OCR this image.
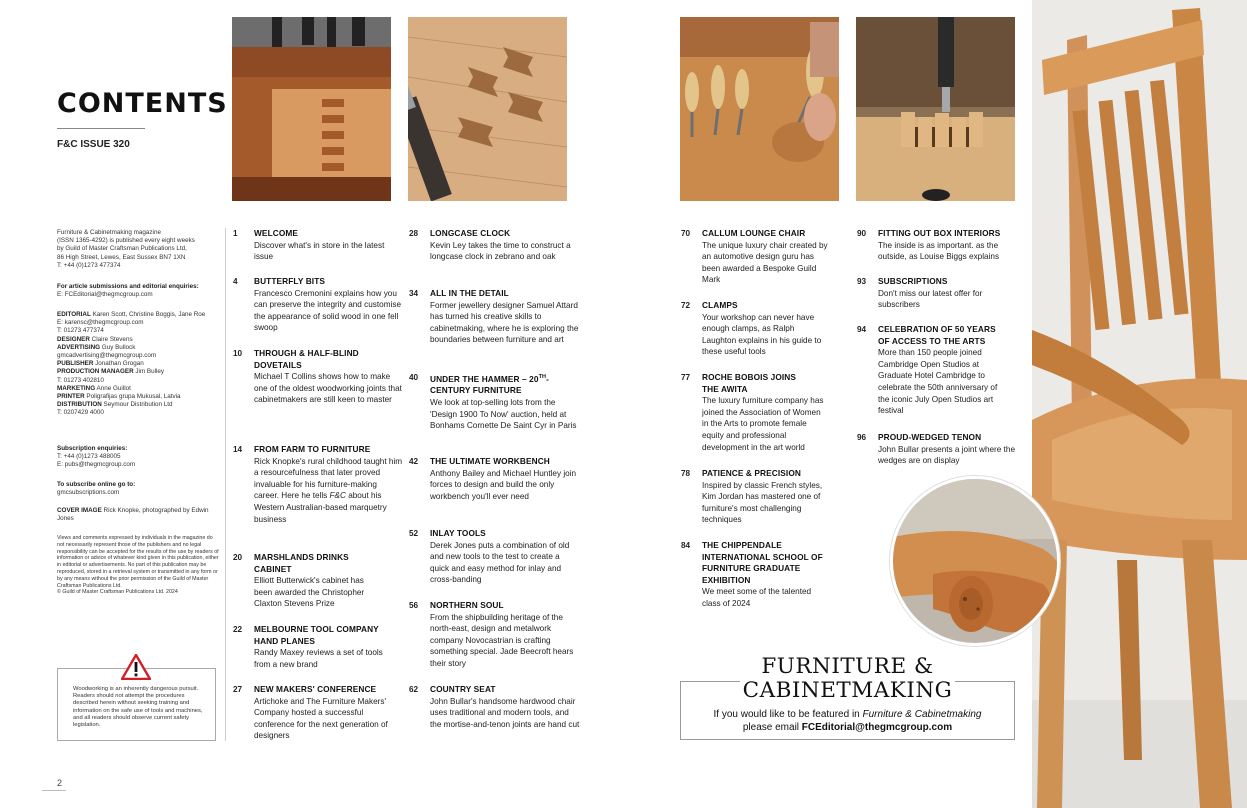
CONTENTS
F&C ISSUE 320
Furniture & Cabinetmaking magazine
(ISSN 1365-4292) is published every eight weeks
by Guild of Master Craftsman Publications Ltd,
86 High Street, Lewes, East Sussex BN7 1XN
T: +44 (0)1273 477374
For article submissions and editorial enquiries:
E: FCEditorial@thegmcgroup.com
EDITORIAL Karen Scott, Christine Boggis, Jane Roe
E: karensc@thegmcgroup.com
T: 01273 477374
DESIGNER Claire Stevens
ADVERTISING Guy Bullock
gmcadvertising@thegmcgroup.com
PUBLISHER Jonathan Grogan
PRODUCTION MANAGER Jim Bulley
T: 01273 402810
MARKETING Anne Guillot
PRINTER Poligrafijas grupa Mukusal, Latvia
DISTRIBUTION Seymour Distribution Ltd
T: 0207429 4000
Subscription enquiries:
T: +44 (0)1273 488005
E: pubs@thegmcgroup.com
To subscribe online go to:
gmcsubscriptions.com
COVER IMAGE Rick Knopke, photographed by Edwin Jones
Views and comments expressed by individuals in the magazine do not necessarily represent those of the publishers and no legal responsibility can be accepted for the results of the use by readers of information or advice of whatever kind given in this publication, either in editorial or advertisements. No part of this publication may be reproduced, stored in a retrieval system or transmitted in any form or by any means without the prior permission of the Guild of Master Craftsman Publications Ltd.
© Guild of Master Craftsman Publications Ltd. 2024
Woodworking is an inherently dangerous pursuit. Readers should not attempt the procedures described herein without seeking training and information on the safe use of tools and machines, and all readers should observe current safety legislation.
2
1 WELCOME
Discover what's in store in the latest issue
4 BUTTERFLY BITS
Francesco Cremonini explains how you can preserve the integrity and customise the appearance of solid wood in one fell swoop
10 THROUGH & HALF-BLIND DOVETAILS
Michael T Collins shows how to make one of the oldest woodworking joints that cabinetmakers are still keen to master
14 FROM FARM TO FURNITURE
Rick Knopke's rural childhood taught him a resourcefulness that later proved invaluable for his furniture-making career. Here he tells F&C about his Western Australian-based marquetry business
20 MARSHLANDS DRINKS CABINET
Elliott Butterwick's cabinet has been awarded the Christopher Claxton Stevens Prize
22 MELBOURNE TOOL COMPANY HAND PLANES
Randy Maxey reviews a set of tools from a new brand
27 NEW MAKERS' CONFERENCE
Artichoke and The Furniture Makers' Company hosted a successful conference for the next generation of designers
28 LONGCASE CLOCK
Kevin Ley takes the time to construct a longcase clock in zebrano and oak
34 ALL IN THE DETAIL
Former jewellery designer Samuel Attard has turned his creative skills to cabinetmaking, where he is exploring the boundaries between furniture and art
40 UNDER THE HAMMER – 20TH-CENTURY FURNITURE
We look at top-selling lots from the 'Design 1900 To Now' auction, held at Bonhams Cornette De Saint Cyr in Paris
42 THE ULTIMATE WORKBENCH
Anthony Bailey and Michael Huntley join forces to design and build the only workbench you'll ever need
52 INLAY TOOLS
Derek Jones puts a combination of old and new tools to the test to create a quick and easy method for inlay and cross-banding
56 NORTHERN SOUL
From the shipbuilding heritage of the north-east, design and metalwork company Novocastrian is crafting something special. Jade Beecroft hears their story
62 COUNTRY SEAT
John Bullar's handsome hardwood chair uses traditional and modern tools, and the mortise-and-tenon joints are hand cut
70 CALLUM LOUNGE CHAIR
The unique luxury chair created by an automotive design guru has been awarded a Bespoke Guild Mark
72 CLAMPS
Your workshop can never have enough clamps, as Ralph Laughton explains in his guide to these useful tools
77 ROCHE BOBOIS JOINS THE AWITA
The luxury furniture company has joined the Association of Women in the Arts to promote female equity and professional development in the art world
78 PATIENCE & PRECISION
Inspired by classic French styles, Kim Jordan has mastered one of furniture's most challenging techniques
84 THE CHIPPENDALE INTERNATIONAL SCHOOL OF FURNITURE GRADUATE EXHIBITION
We meet some of the talented class of 2024
90 FITTING OUT BOX INTERIORS
The inside is as important. as the outside, as Louise Biggs explains
93 SUBSCRIPTIONS
Don't miss our latest offer for subscribers
94 CELEBRATION OF 50 YEARS OF ACCESS TO THE ARTS
More than 150 people joined Cambridge Open Studios at Graduate Hotel Cambridge to celebrate the 50th anniversary of the iconic July Open Studios art festival
96 PROUD-WEDGED TENON
John Bullar presents a joint where the wedges are on display
FURNITURE &
CABINETMAKING
If you would like to be featured in Furniture & Cabinetmaking
please email FCEditorial@thegmcgroup.com
